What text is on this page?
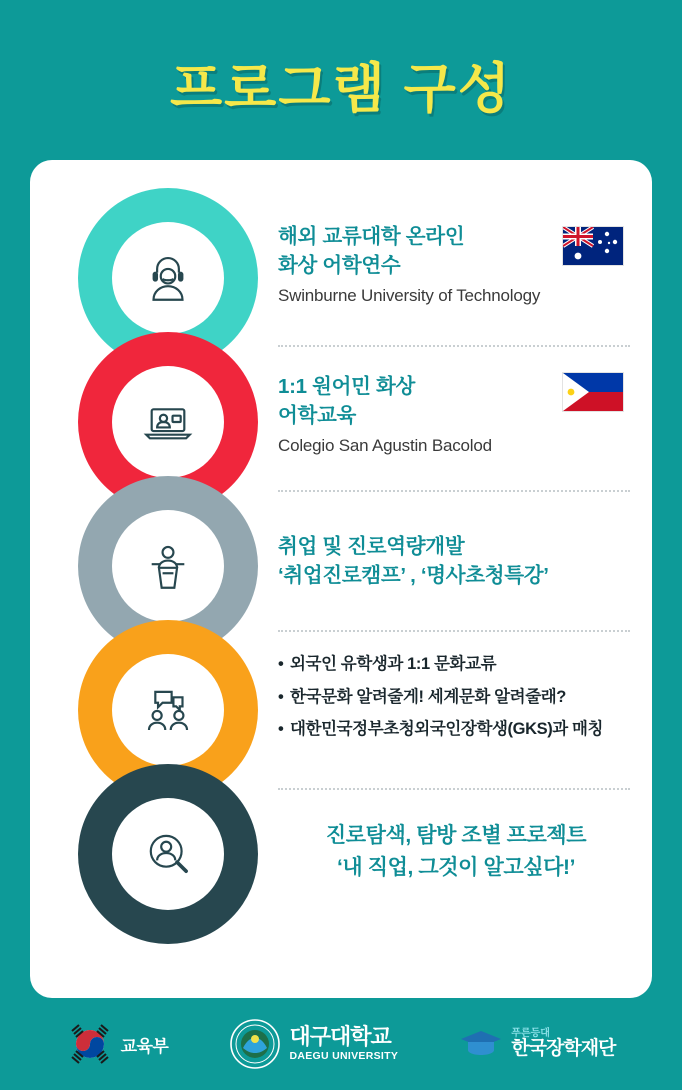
프로그램 구성
해외 교류대학 온라인
화상 어학연수
Swinburne University of Technology
1:1 원어민 화상
어학교육
Colegio San Agustin Bacolod
취업 및 진로역량개발
‘취업진로캠프’ , ‘명사초청특강’
• 외국인 유학생과 1:1 문화교류
• 한국문화 알려줄게! 세계문화 알려줄래?
• 대한민국정부초청외국인장학생(GKS)과 매칭
진로탐색, 탐방 조별 프로젝트
‘내 직업, 그것이 알고싶다!’
교육부	대구대학교
DAEGU UNIVERSITY
푸른등대
한국장학재단
